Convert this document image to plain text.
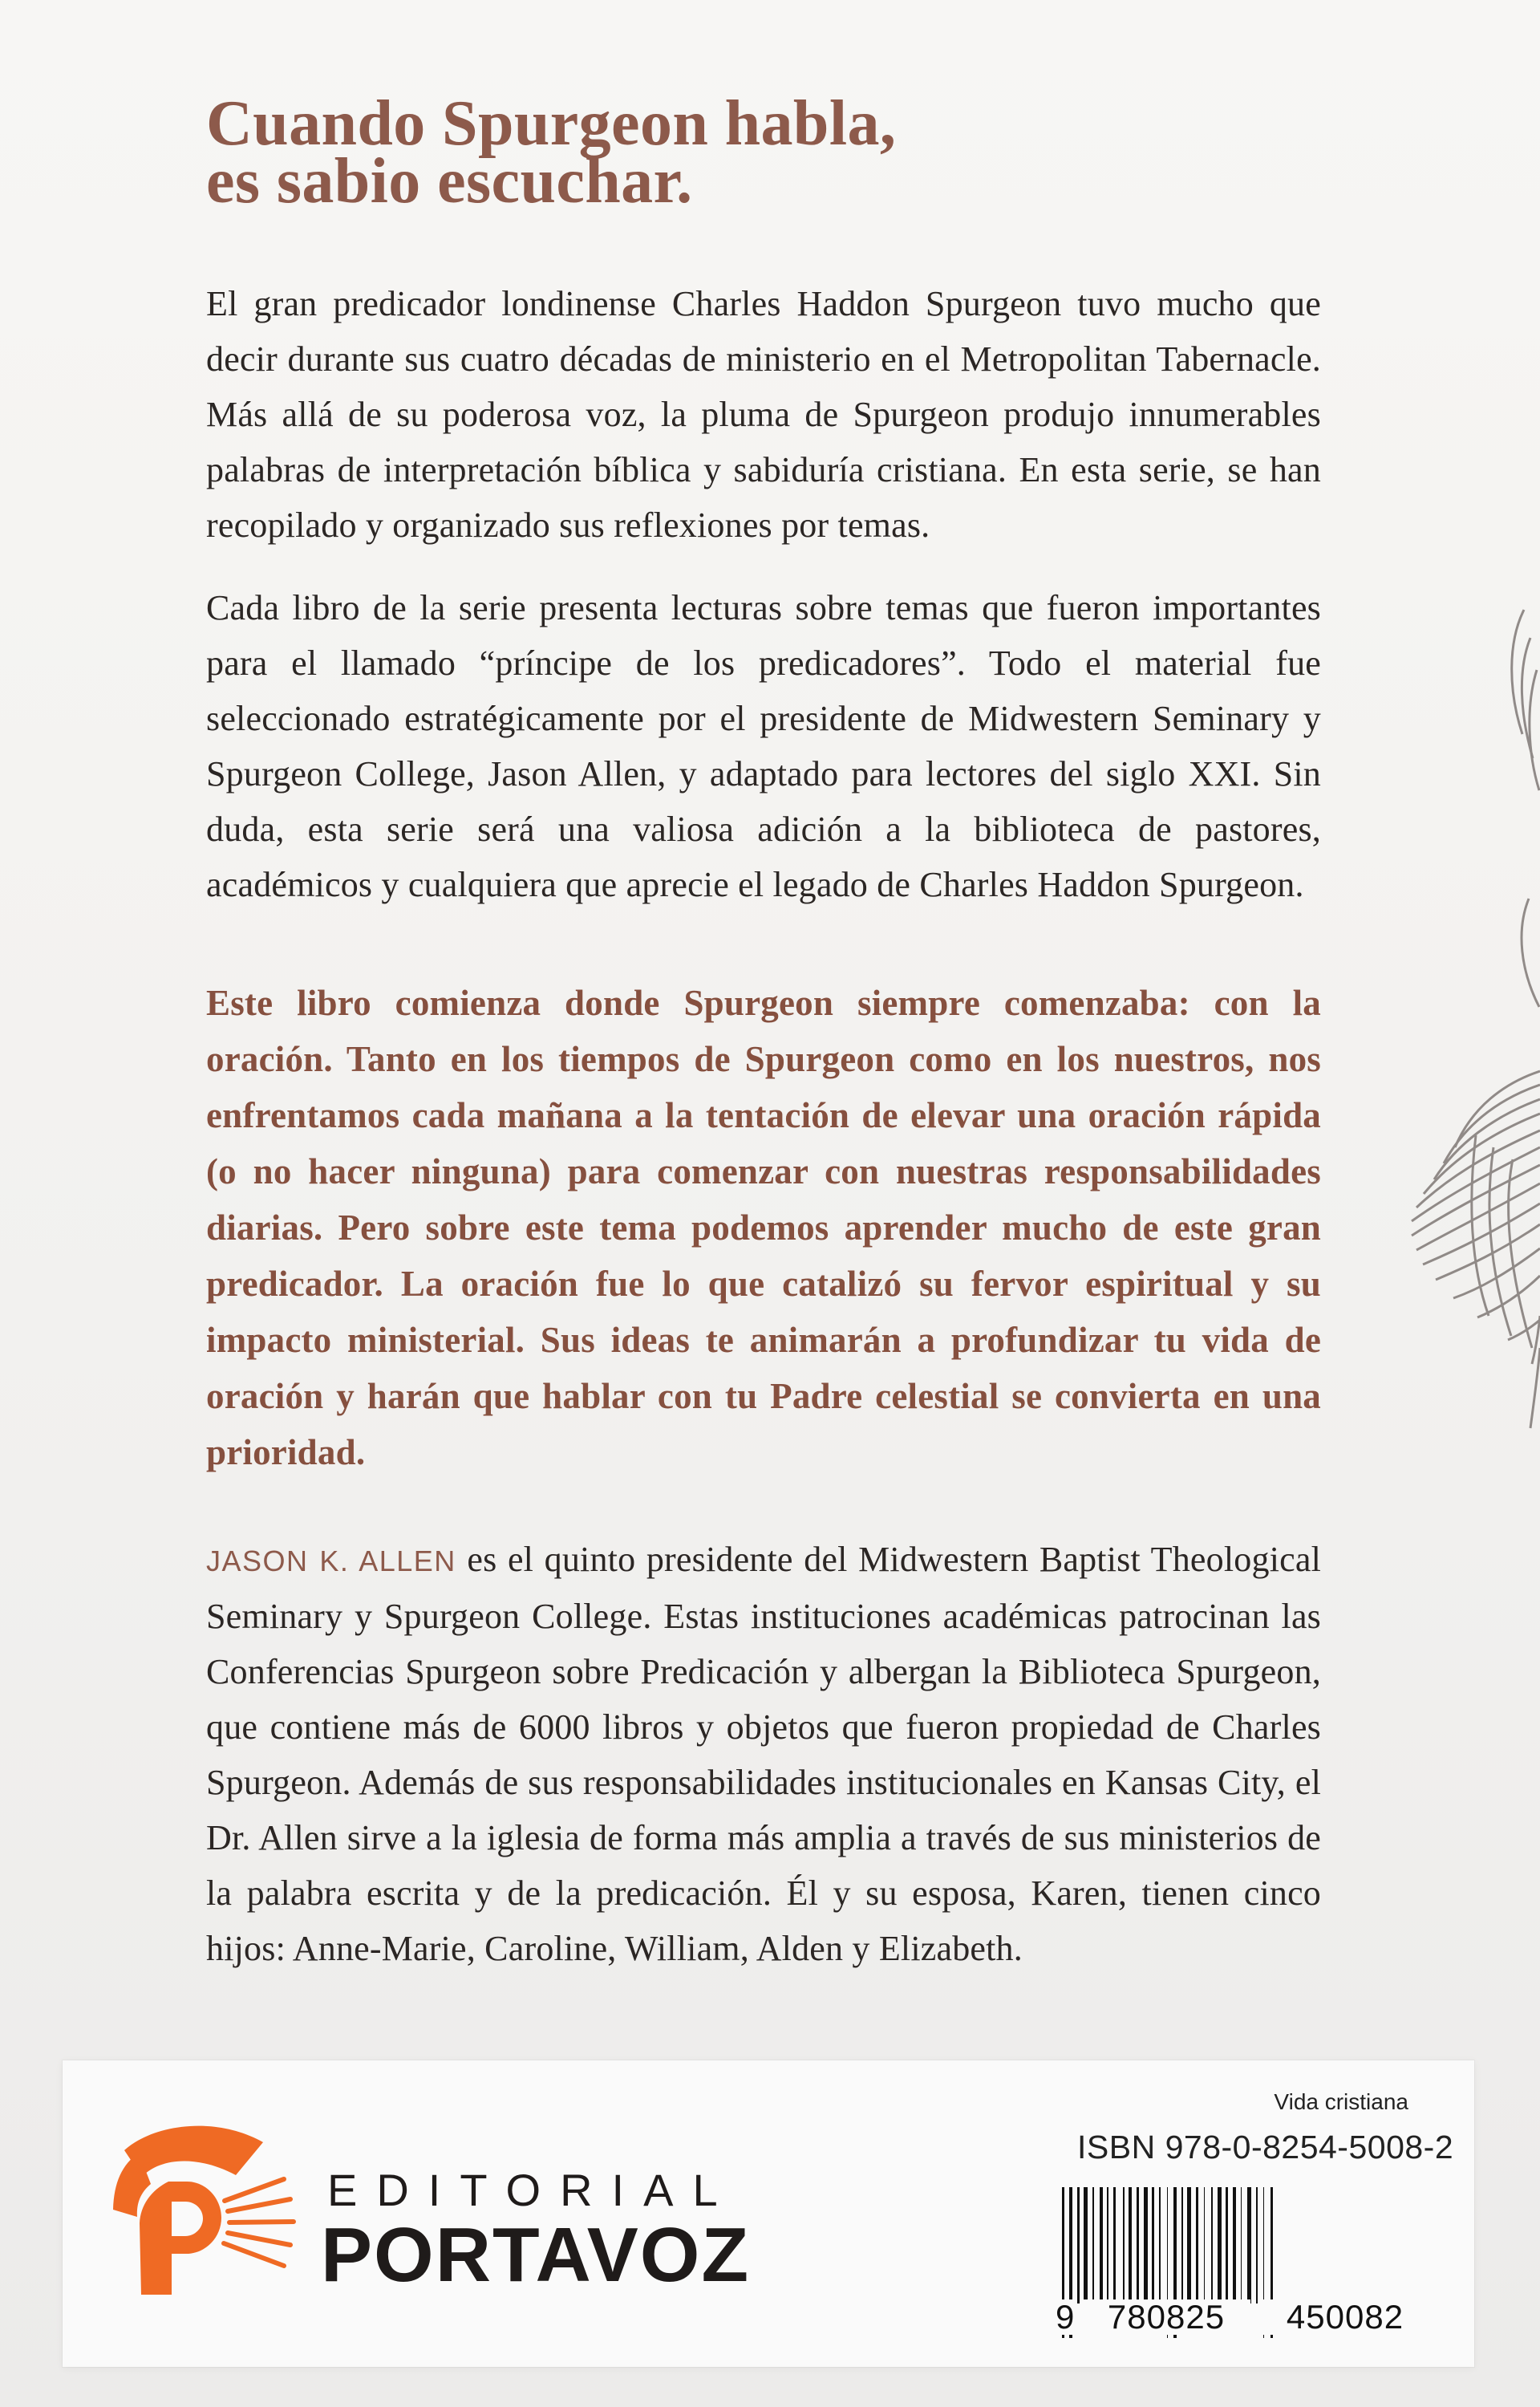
Cuando Spurgeon habla,
es sabio escuchar.

El gran predicador londinense Charles Haddon Spurgeon tuvo mucho que decir durante sus cuatro décadas de ministerio en el Metropolitan Tabernacle. Más allá de su poderosa voz, la pluma de Spurgeon produjo innumerables palabras de interpretación bíblica y sabiduría cristiana. En esta serie, se han recopilado y organizado sus reflexiones por temas.

Cada libro de la serie presenta lecturas sobre temas que fueron importantes para el llamado “príncipe de los predicadores”. Todo el material fue seleccionado estratégicamente por el presidente de Midwestern Seminary y Spurgeon College, Jason Allen, y adaptado para lectores del siglo XXI. Sin duda, esta serie será una valiosa adición a la biblioteca de pastores, académicos y cualquiera que aprecie el legado de Charles Haddon Spurgeon.

Este libro comienza donde Spurgeon siempre comenzaba: con la oración. Tanto en los tiempos de Spurgeon como en los nuestros, nos enfrentamos cada mañana a la tentación de elevar una oración rápida (o no hacer ninguna) para comenzar con nuestras responsabilidades diarias. Pero sobre este tema podemos aprender mucho de este gran predicador. La oración fue lo que catalizó su fervor espiritual y su impacto ministerial. Sus ideas te animarán a profundizar tu vida de oración y harán que hablar con tu Padre celestial se convierta en una prioridad.

JASON K. ALLEN es el quinto presidente del Midwestern Baptist Theological Seminary y Spurgeon College. Estas instituciones académicas patrocinan las Conferencias Spurgeon sobre Predicación y albergan la Biblioteca Spurgeon, que contiene más de 6000 libros y objetos que fueron propiedad de Charles Spurgeon. Además de sus responsabilidades institucionales en Kansas City, el Dr. Allen sirve a la iglesia de forma más amplia a través de sus ministerios de la palabra escrita y de la predicación. Él y su esposa, Karen, tienen cinco hijos: Anne-Marie, Caroline, William, Alden y Elizabeth.

EDITORIAL
PORTAVOZ
Vida cristiana
ISBN 978-0-8254-5008-2
9 780825	450082
